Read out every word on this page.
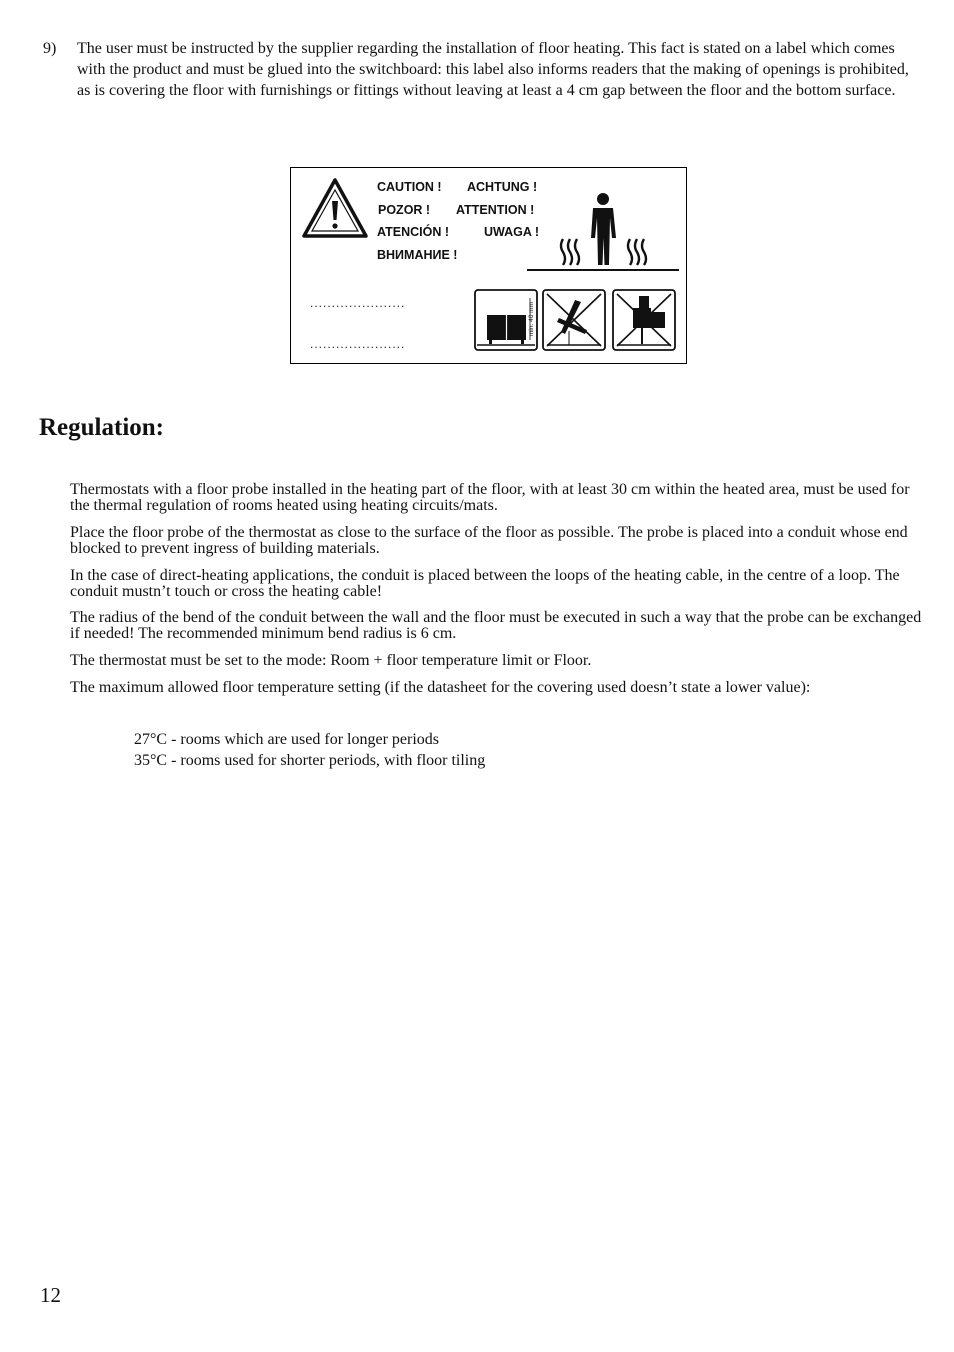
9) The user must be instructed by the supplier regarding the installation of floor heating. This fact is stated on a label which comes with the product and must be glued into the switchboard: this label also informs readers that the making of openings is prohibited, as is covering the floor with furnishings or fittings without leaving at least a 4 cm gap between the floor and the bottom surface.
min. 40 mm
CAUTION ! ACHTUNG !
POZOR ! ATTENTION !
ATENCIÓN !	UWAGA !
ВНИМАНИЕ !
......................
......................
Regulation:

Thermostats with a floor probe installed in the heating part of the floor, with at least 30 cm within the heated area, must be used for the thermal regulation of rooms heated using heating circuits/mats.

Place the floor probe of the thermostat as close to the surface of the floor as possible. The probe is placed into a conduit whose end blocked to prevent ingress of building materials.

In the case of direct-heating applications, the conduit is placed between the loops of the heating cable, in the centre of a loop. The conduit mustn’t touch or cross the heating cable!

The radius of the bend of the conduit between the wall and the floor must be executed in such a way that the probe can be exchanged if needed! The recommended minimum bend radius is 6 cm.

The thermostat must be set to the mode: Room + floor temperature limit or Floor.

The maximum allowed floor temperature setting (if the datasheet for the covering used doesn’t state a lower value):

27°C - rooms which are used for longer periods

35°C - rooms used for shorter periods, with floor tiling

12
